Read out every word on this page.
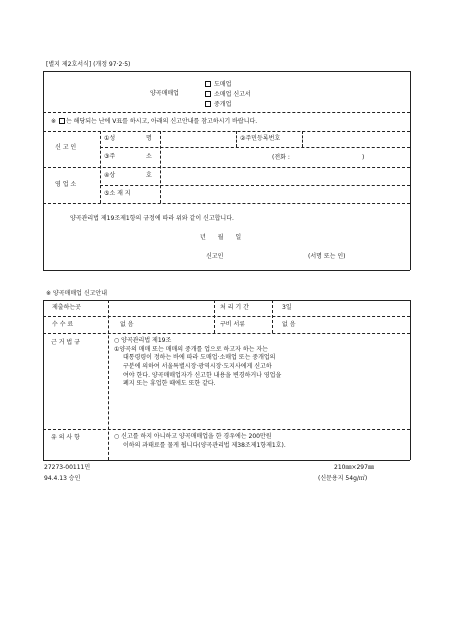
[별지 제2호서식] (개정 97·2·5)
양곡매매업
도매업
소매업 신고서
중개업
※ 는 해당되는 난에 V표를 하시고, 아래의 신고안내를 참고하시기 바랍니다.
신 고 인
영 업 소
①성	명	②주민등록번호
③주	소	(전화 :	)
④상	호
⑤소 재 지
양곡관리법 제19조제1항의 규정에 따라 위와 같이 신고합니다.
년 월 일
신고인	(서명 또는 인)
※ 양곡매매업 신고안내
제출하는곳	처 리 기 간	3일
수 수 료	없 음	구비 서류	없 음
근 거 법 규	○ 양곡관리법 제19조
①양곡의 매매 또는 매매의 중개를 업으로 하고자 하는 자는
대통령령이 정하는 바에 따라 도매업·소매업 또는 중개업의
구분에 의하여 서울특별시장·광역시장·도지사에게 신고하
여야 한다. 양곡매매업자가 신고한 내용을 변경하거나 영업을
폐지 또는 휴업한 때에도 또한 같다.
유 의 사 항	○ 신고를 하지 아니하고 양곡매매업을 한 경우에는 200만원
이하의 과태료를 물게 됩니다(양곡관리법 제38조제1항제1호).
27273-00111민
94.4.13 승인
210㎜×297㎜
(신문용지 54g/㎡)
